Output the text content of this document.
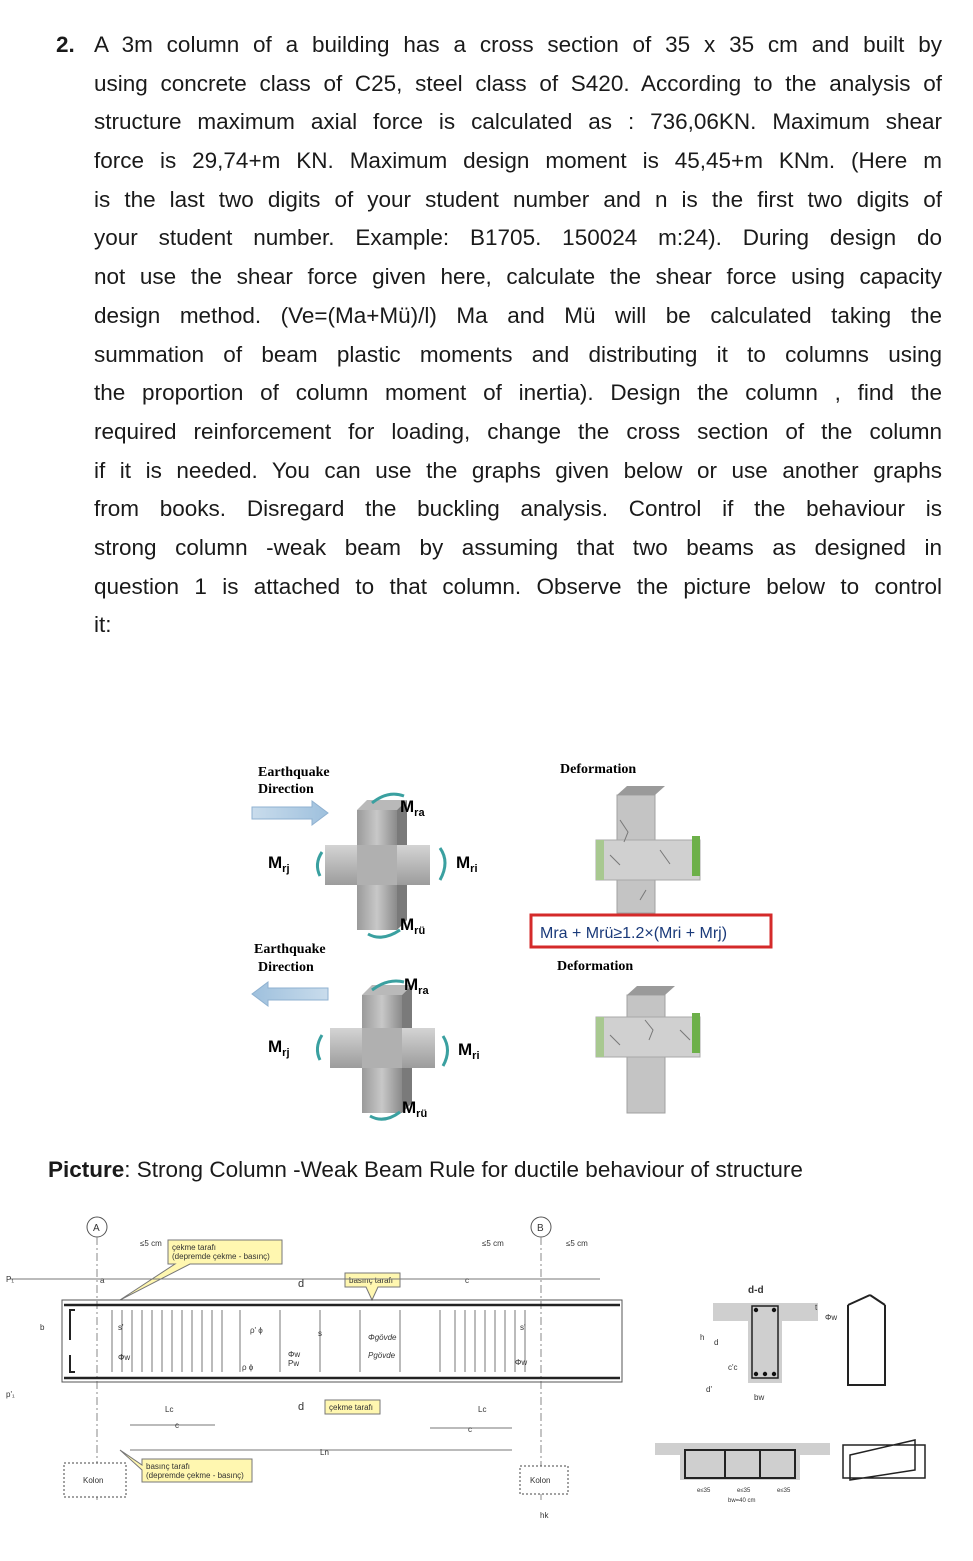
2. A 3m column of a building has a cross section of 35 x 35 cm and built by
using concrete class of C25, steel class of S420. According to the analysis of
structure maximum axial force is calculated as : 736,06KN. Maximum shear
force is 29,74+m KN. Maximum design moment is 45,45+m KNm. (Here m
is the last two digits of your student number and n is the first two digits of
your student number. Example: B1705. 150024 m:24). During design do
not use the shear force given here, calculate the shear force using capacity
design method. (Ve=(Ma+Mü)/l) Ma and Mü will be calculated taking the
summation of beam plastic moments and distributing it to columns using
the proportion of column moment of inertia). Design the column , find the
required reinforcement for loading, change the cross section of the column
if it is needed. You can use the graphs given below or use another graphs
from books. Disregard the buckling analysis. Control if the behaviour is
strong column -weak beam by assuming that two beams as designed in
question 1 is attached to that column. Observe the picture below to control
it:
Earthquake
Direction
$M_{ra}$
$M_{rj}$	$M_{ri}$
$M_{rü}$
Earthquake
Direction
$M_{ra}$
$M_{rj}$	$M_{ri}$
$M_{rü}$
Deformation
Mra + Mrü≥1.2×(Mri + Mrj)
Deformation
Picture: Strong Column -Weak Beam Rule for ductile behaviour of structure
A	B
≤5 cm	≤5 cm	≤5 cm
çekme tarafı
(depremde çekme - basınç)
basınç tarafı
P₁	a	c
d
s'	s'
Φw
Φw
ρ' ϕ
ρ ϕ
Φw
Pw
s	Φgövde
Pgövde
p'₁
b
d	çekme tarafı
Lc	Lc
c	c
Ln
basınç tarafı
(depremde çekme - basınç)
Kolon	Kolon
hk
d-d
h
d
d'
c'c
bw
t
Φw
e≤35	e≤35	e≤35
bw=40 cm
